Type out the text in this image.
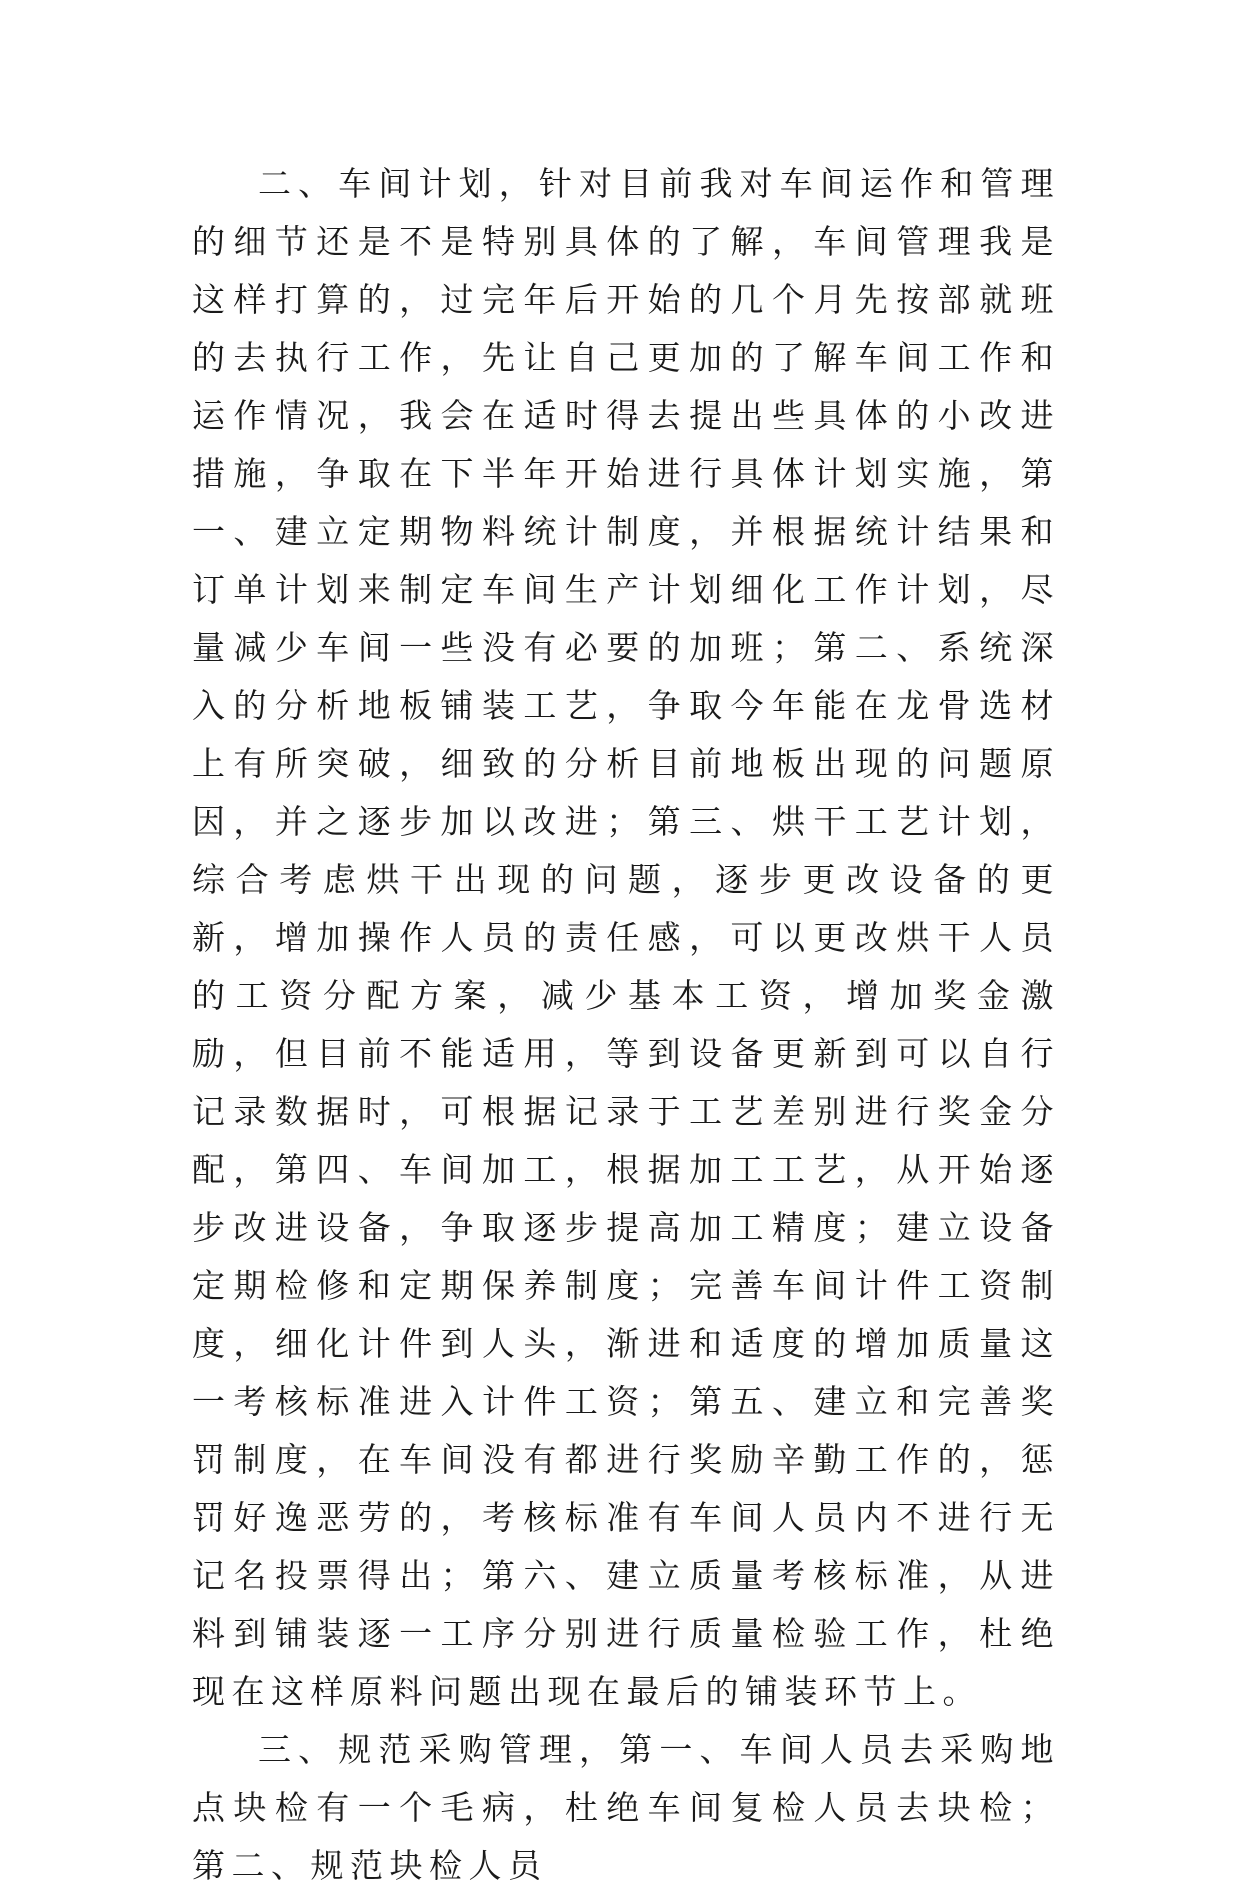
二、车间计划，针对目前我对车间运作和管理的细节还是不是特别具体的了解，车间管理我是这样打算的，过完年后开始的几个月先按部就班的去执行工作，先让自己更加的了解车间工作和运作情况，我会在适时得去提出些具体的小改进措施，争取在下半年开始进行具体计划实施，第一、建立定期物料统计制度，并根据统计结果和订单计划来制定车间生产计划细化工作计划，尽量减少车间一些没有必要的加班；第二、系统深入的分析地板铺装工艺，争取今年能在龙骨选材上有所突破，细致的分析目前地板出现的问题原因，并之逐步加以改进；第三、烘干工艺计划，综合考虑烘干出现的问题，逐步更改设备的更新，增加操作人员的责任感，可以更改烘干人员的工资分配方案，减少基本工资，增加奖金激励，但目前不能适用，等到设备更新到可以自行记录数据时，可根据记录于工艺差别进行奖金分配，第四、车间加工，根据加工工艺，从开始逐步改进设备，争取逐步提高加工精度；建立设备定期检修和定期保养制度；完善车间计件工资制度，细化计件到人头，渐进和适度的增加质量这一考核标准进入计件工资；第五、建立和完善奖罚制度，在车间没有都进行奖励辛勤工作的，惩罚好逸恶劳的，考核标准有车间人员内不进行无记名投票得出；第六、建立质量考核标准，从进料到铺装逐一工序分别进行质量检验工作，杜绝现在这样原料问题出现在最后的铺装环节上。

三、规范采购管理，第一、车间人员去采购地点块检有一个毛病，杜绝车间复检人员去块检；第二、规范块检人员
